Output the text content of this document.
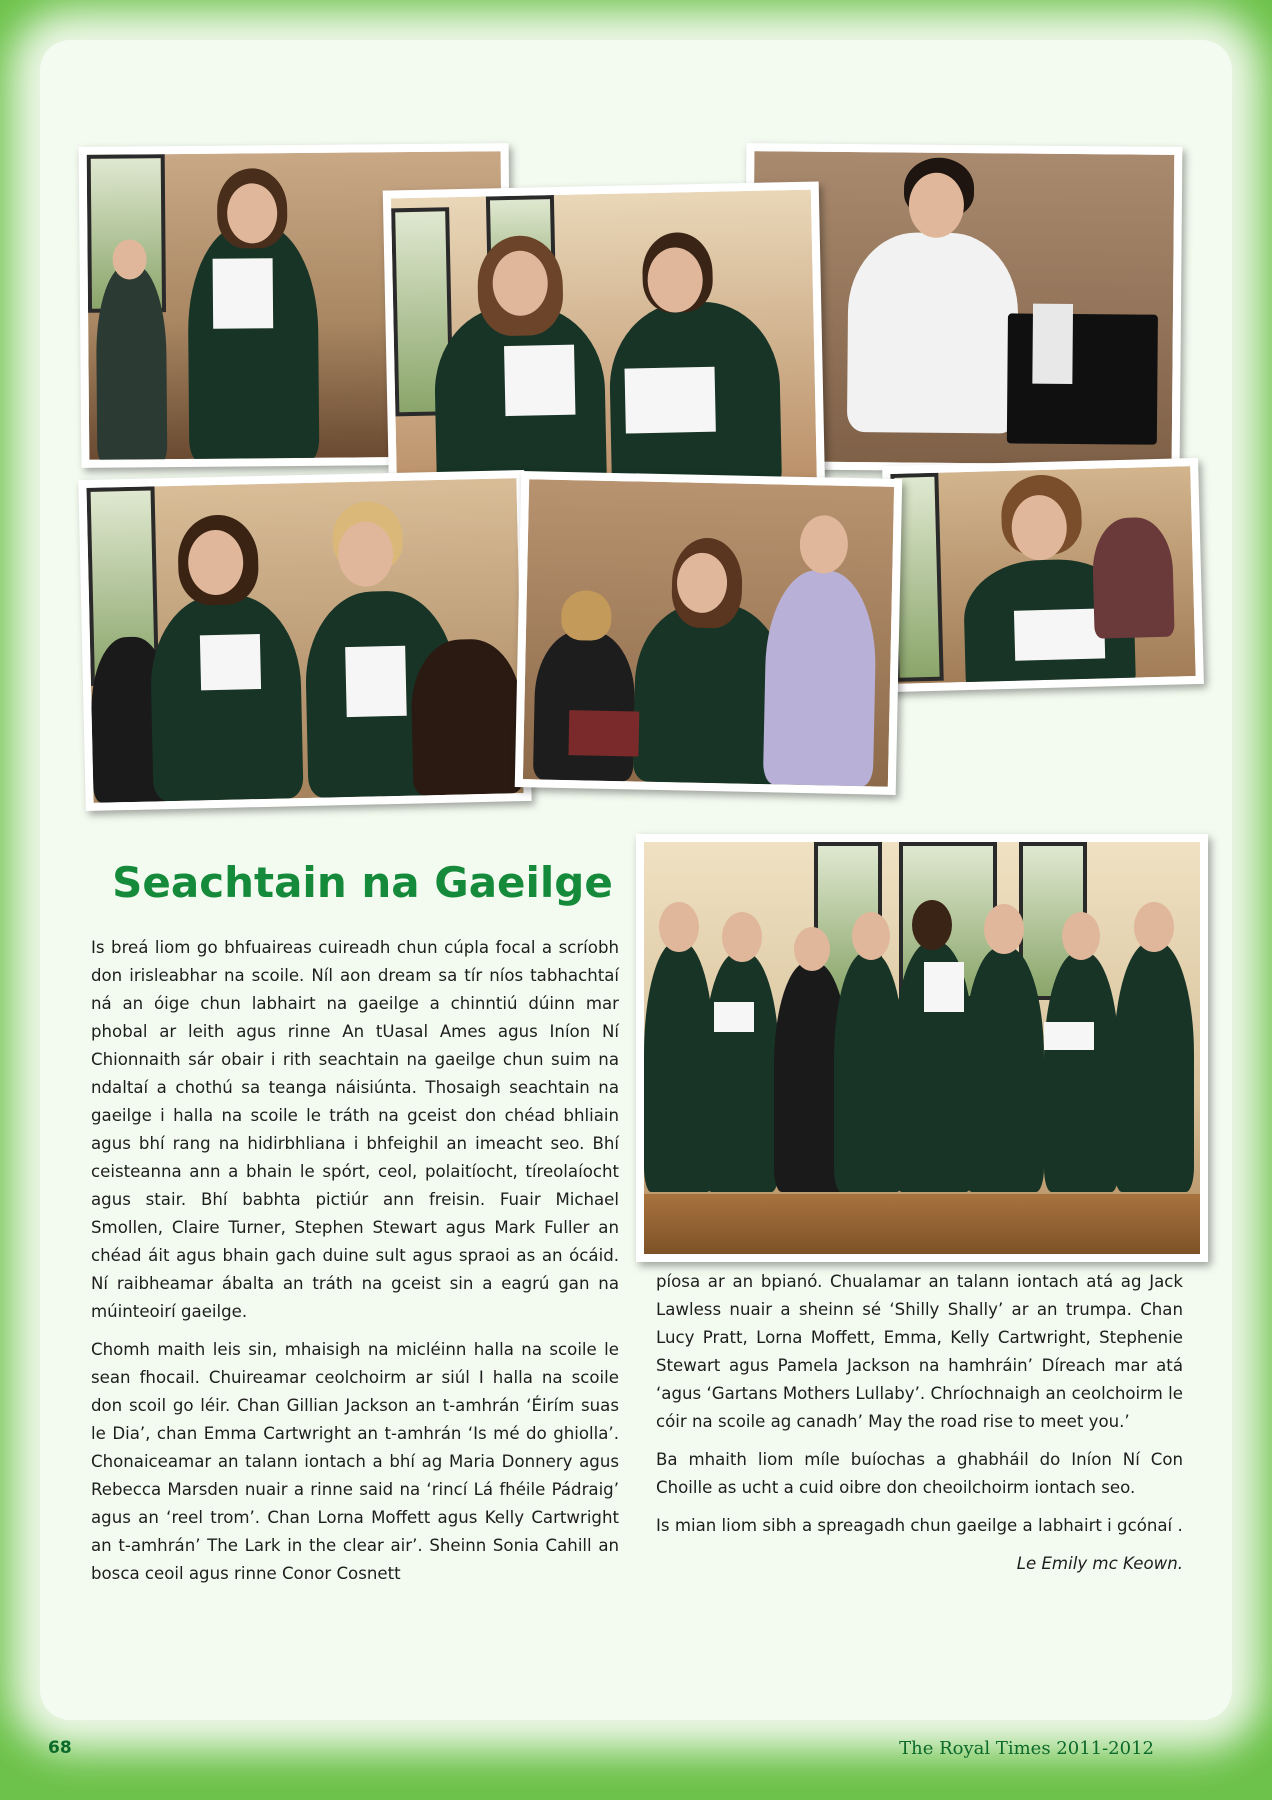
Seachtain na Gaeilge

Is breá liom go bhfuaireas cuireadh chun cúpla focal a scríobh don irisleabhar na scoile. Níl aon dream sa tír níos tabhachtaí ná an óige chun labhairt na gaeilge a chinntiú dúinn mar phobal ar leith agus rinne An tUasal Ames agus Iníon Ní Chionnaith sár obair i rith seachtain na gaeilge chun suim na ndaltaí a chothú sa teanga náisiúnta. Thosaigh seachtain na gaeilge i halla na scoile le tráth na gceist don chéad bhliain agus bhí rang na hidirbhliana i bhfeighil an imeacht seo. Bhí ceisteanna ann a bhain le spórt, ceol, polaitíocht, tíreolaíocht agus stair. Bhí babhta pictiúr ann freisin. Fuair Michael Smollen, Claire Turner, Stephen Stewart agus Mark Fuller an chéad áit agus bhain gach duine sult agus spraoi as an ócáid. Ní raibheamar ábalta an tráth na gceist sin a eagrú gan na múinteoirí gaeilge.

Chomh maith leis sin, mhaisigh na micléinn halla na scoile le sean fhocail. Chuireamar ceolchoirm ar siúl I halla na scoile don scoil go léir. Chan Gillian Jackson an t-amhrán ‘Éirím suas le Dia’, chan Emma Cartwright an t-amhrán ‘Is mé do ghiolla’. Chonaiceamar an talann iontach a bhí ag Maria Donnery agus Rebecca Marsden nuair a rinne said na ‘rincí Lá fhéile Pádraig’ agus an ‘reel trom’. Chan Lorna Moffett agus Kelly Cartwright an t-amhrán’ The Lark in the clear air’. Sheinn Sonia Cahill an bosca ceoil agus rinne Conor Cosnett

píosa ar an bpianó. Chualamar an talann iontach atá ag Jack Lawless nuair a sheinn sé ‘Shilly Shally’ ar an trumpa. Chan Lucy Pratt, Lorna Moffett, Emma, Kelly Cartwright, Stephenie Stewart agus Pamela Jackson na hamhráin’ Díreach mar atá ‘agus ‘Gartans Mothers Lullaby’. Chríochnaigh an ceolchoirm le cóir na scoile ag canadh’ May the road rise to meet you.’

Ba mhaith liom míle buíochas a ghabháil do Iníon Ní Con Choille as ucht a cuid oibre don cheoilchoirm iontach seo.

Is mian liom sibh a spreagadh chun gaeilge a labhairt i gcónaí .

Le Emily mc Keown.

68	The Royal Times 2011-2012
